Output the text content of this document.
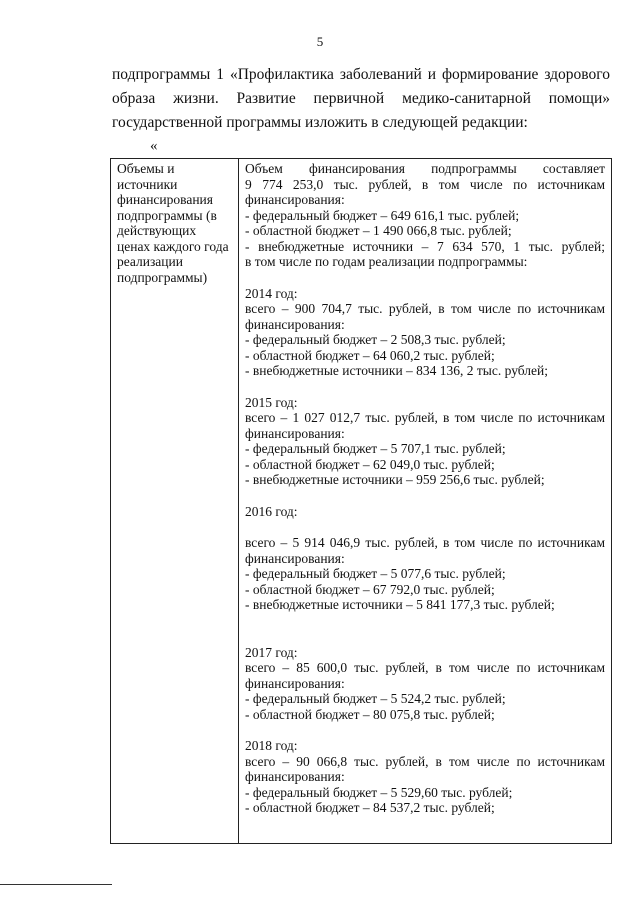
5
подпрограммы 1 «Профилактика заболеваний и формирование здорового
образа жизни. Развитие первичной медико-санитарной помощи»
государственной программы изложить в следующей редакции:
«
Объемы и
источники
финансирования
подпрограммы (в
действующих
ценах каждого года
реализации
подпрограммы)
Объем финансирования подпрограммы составляет
9 774 253,0 тыс. рублей, в том числе по источникам
финансирования:
- федеральный бюджет – 649 616,1 тыс. рублей;
- областной бюджет – 1 490 066,8 тыс. рублей;
- внебюджетные источники – 7 634 570, 1 тыс. рублей;
в том числе по годам реализации подпрограммы:
2014 год:
всего – 900 704,7 тыс. рублей, в том числе по источникам
финансирования:
- федеральный бюджет – 2 508,3 тыс. рублей;
- областной бюджет – 64 060,2 тыс. рублей;
- внебюджетные источники – 834 136, 2 тыс. рублей;
2015 год:
всего – 1 027 012,7 тыс. рублей, в том числе по источникам
финансирования:
- федеральный бюджет – 5 707,1 тыс. рублей;
- областной бюджет – 62 049,0 тыс. рублей;
- внебюджетные источники – 959 256,6 тыс. рублей;
2016 год:
всего – 5 914 046,9 тыс. рублей, в том числе по источникам
финансирования:
- федеральный бюджет – 5 077,6 тыс. рублей;
- областной бюджет – 67 792,0 тыс. рублей;
- внебюджетные источники – 5 841 177,3 тыс. рублей;
2017 год:
всего – 85 600,0 тыс. рублей, в том числе по источникам
финансирования:
- федеральный бюджет – 5 524,2 тыс. рублей;
- областной бюджет – 80 075,8 тыс. рублей;
2018 год:
всего – 90 066,8 тыс. рублей, в том числе по источникам
финансирования:
- федеральный бюджет – 5 529,60 тыс. рублей;
- областной бюджет – 84 537,2 тыс. рублей;
